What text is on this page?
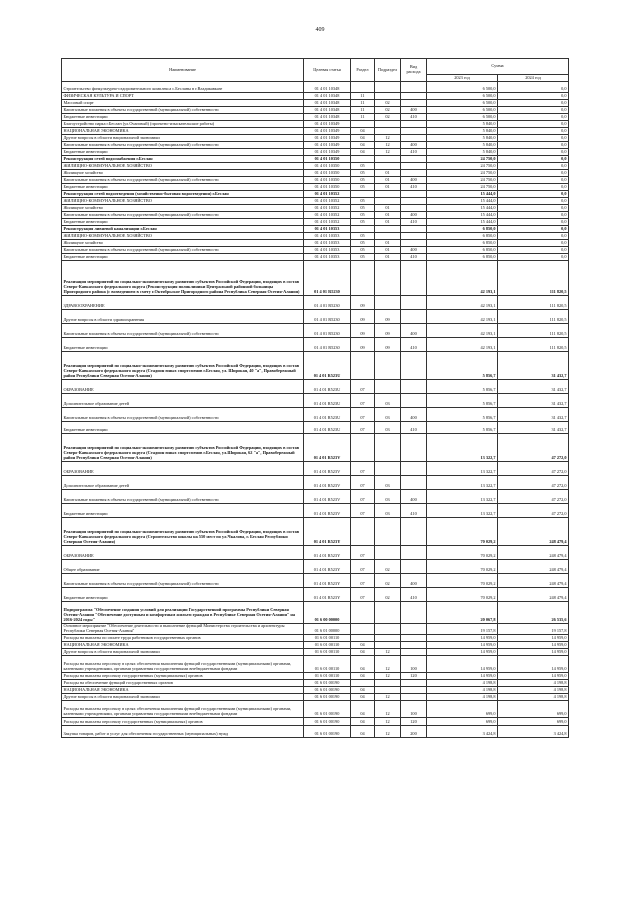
409
Наименование	Целевая статья	Раздел	Подраздел	Вид расхода	Сумма	
					2023 год	2024 год
Строительство физкультурно-оздоровительного комплекса с.Бесланы в г.Владикавказе	01 4 01 10348				6 500,0	0,0
ФИЗИЧЕСКАЯ КУЛЬТУРА И СПОРТ	01 4 01 10348	11			6 500,0	0,0
Массовый спорт	01 4 01 10348	11	02		6 500,0	0,0
Капитальные вложения в объекты государственной (муниципальной) собственности	01 4 01 10348	11	02	400	6 500,0	0,0
Бюджетные инвестиции	01 4 01 10348	11	02	410	6 500,0	0,0
Благоустройство парка г.Беслан (ул.Очаговый) (проектно-изыскательские работы)	01 4 01 10349				5 840,0	0,0
НАЦИОНАЛЬНАЯ ЭКОНОМИКА	01 4 01 10349	04			5 840,0	0,0
Другие вопросы в области национальной экономики	01 4 01 10349	04	12		5 840,0	0,0
Капитальные вложения в объекты государственной (муниципальной) собственности	01 4 01 10349	04	12	400	5 840,0	0,0
Бюджетные инвестиции	01 4 01 10349	04	12	410	5 840,0	0,0
Реконструкция сетей водоснабжения г.Беслан	01 4 01 10350				24 750,0	0,0
ЖИЛИЩНО-КОММУНАЛЬНОЕ ХОЗЯЙСТВО	01 4 01 10350	05			24 750,0	0,0
Жилищное хозяйство	01 4 01 10350	05	01		24 750,0	0,0
Капитальные вложения в объекты государственной (муниципальной) собственности	01 4 01 10350	05	01	400	24 750,0	0,0
Бюджетные инвестиции	01 4 01 10350	05	01	410	24 750,0	0,0
Реконструкция сетей водоотведения (хозяйственно-бытовая водоотведения) г.Беслан	01 4 01 10352				15 444,0	0,0
ЖИЛИЩНО-КОММУНАЛЬНОЕ ХОЗЯЙСТВО	01 4 01 10352	05			15 444,0	0,0
Жилищное хозяйство	01 4 01 10352	05	01		15 444,0	0,0
Капитальные вложения в объекты государственной (муниципальной) собственности	01 4 01 10352	05	01	400	15 444,0	0,0
Бюджетные инвестиции	01 4 01 10352	05	01	410	15 444,0	0,0
Реконструкция ливневой канализации г.Беслан	01 4 01 10353				6 850,0	0,0
ЖИЛИЩНО-КОММУНАЛЬНОЕ ХОЗЯЙСТВО	01 4 01 10353	05			6 850,0	0,0
Жилищное хозяйство	01 4 01 10353	05	01		6 850,0	0,0
Капитальные вложения в объекты государственной (муниципальной) собственности	01 4 01 10353	05	01	400	6 850,0	0,0
Бюджетные инвестиции	01 4 01 10353	05	01	410	6 850,0	0,0
Реализация мероприятий по социально-экономическому развитию субъектов Российской Федерации, входящих в состав Северо-Кавказского федерального округа (Реконструкция поликлиники Центральной районной больницы Пригородного района (с возведением в смету г.Октябрьское Пригородного района Республика Северная Осетия-Алания)	01 4 01 R5230				42 193,1	111 820,5
ЗДРАВООХРАНЕНИЕ	01 4 01 R5230	09			42 193,1	111 820,5
Другие вопросы в области здравоохранения	01 4 01 R5230	09	09		42 193,1	111 820,5
Капитальные вложения в объекты государственной (муниципальной) собственности	01 4 01 R5230	09	09	400	42 193,1	111 820,5
Бюджетные инвестиции	01 4 01 R5230	09	09	410	42 193,1	111 820,5
Реализация мероприятий по социально-экономическому развитию субъектов Российской Федерации, входящих в состав Северо-Кавказского федерального округа (Стадион юных спортсменов г.Беслан, ул. Широкая, 40 "а", Правобережный район Республики Северная Осетия-Алания)	01 4 01 R523U				5 856,7	31 432,7
ОБРАЗОВАНИЕ	01 4 01 R523U	07			5 856,7	31 432,7
Дополнительное образование детей	01 4 01 R523U	07	03		5 856,7	31 432,7
Капитальные вложения в объекты государственной (муниципальной) собственности	01 4 01 R523U	07	03	400	5 856,7	31 432,7
Бюджетные инвестиции	01 4 01 R523U	07	03	410	5 856,7	31 432,7
Реализация мероприятий по социально-экономическому развитию субъектов Российской Федерации, входящих в состав Северо-Кавказского федерального округа (Стадион юных спортсменов г.Беслан, ул.Широкая, 62 "а", Правобережный район Республики Северная Осетия-Алания)	01 4 01 R523V				13 322,7	47 272,0
ОБРАЗОВАНИЕ	01 4 01 R523V	07			13 322,7	47 272,0
Дополнительное образование детей	01 4 01 R523V	07	03		13 322,7	47 272,0
Капитальные вложения в объекты государственной (муниципальной) собственности	01 4 01 R523V	07	03	400	13 322,7	47 272,0
Бюджетные инвестиции	01 4 01 R523V	07	03	410	13 322,7	47 272,0
Реализация мероприятий по социально-экономическому развитию субъектов Российской Федерации, входящих в состав Северо-Кавказского федерального округа (Строительство школы на 550 мест по ул.Чкалова, г. Беслан Республики Северная Осетия-Алания)	01 4 01 R523Y				70 029,2	248 479,4
ОБРАЗОВАНИЕ	01 4 01 R523Y	07			70 029,2	248 479,4
Общее образование	01 4 01 R523Y	07	02		70 029,2	248 479,4
Капитальные вложения в объекты государственной (муниципальной) собственности	01 4 01 R523Y	07	02	400	70 029,2	248 479,4
Бюджетные инвестиции	01 4 01 R523Y	07	02	410	70 029,2	248 479,4
Подпрограмма "Обеспечение создания условий для реализации Государственной программы Республики Северная Осетия-Алания "Обеспечение доступным и комфортным жильем граждан в Республике Северная Осетия-Алания" на 2016-2024 годы"	01 6 00 00000				20 067,8	26 535,6
Основное мероприятие "Обеспечение деятельности и выполнение функций Министерства строительства и архитектуры Республики Северная Осетия-Алания"	01 6 01 00000				19 157,8	19 157,8
Расходы на выплаты по оплате труда работников государственных органов	01 6 01 00110				14 959,0	14 959,0
НАЦИОНАЛЬНАЯ ЭКОНОМИКА	01 6 01 00110	04			14 959,0	14 959,0
Другие вопросы в области национальной экономики	01 6 01 00110	04	12		14 959,0	14 959,0
Расходы на выплаты персоналу в целях обеспечения выполнения функций государственными (муниципальными) органами, казенными учреждениями, органами управления государственными внебюджетными фондами	01 6 01 00110	04	12	100	14 959,0	14 959,0
Расходы на выплаты персоналу государственных (муниципальных) органов	01 6 01 00110	04	12	120	14 959,0	14 959,0
Расходы на обеспечение функций государственных органов	01 6 01 00190				4 198,8	4 198,8
НАЦИОНАЛЬНАЯ ЭКОНОМИКА	01 6 01 00190	04			4 198,8	4 198,8
Другие вопросы в области национальной экономики	01 6 01 00190	04	12		4 198,8	4 198,8
Расходы на выплаты персоналу в целях обеспечения выполнения функций государственными (муниципальными) органами, казенными учреждениями, органами управления государственными внебюджетными фондами	01 6 01 00190	04	12	100	699,0	699,0
Расходы на выплаты персоналу государственных (муниципальных) органов	01 6 01 00190	04	12	120	699,0	699,0
Закупка товаров, работ и услуг для обеспечения государственных (муниципальных) нужд	01 6 01 00190	04	12	200	3 424,8	3 424,8
